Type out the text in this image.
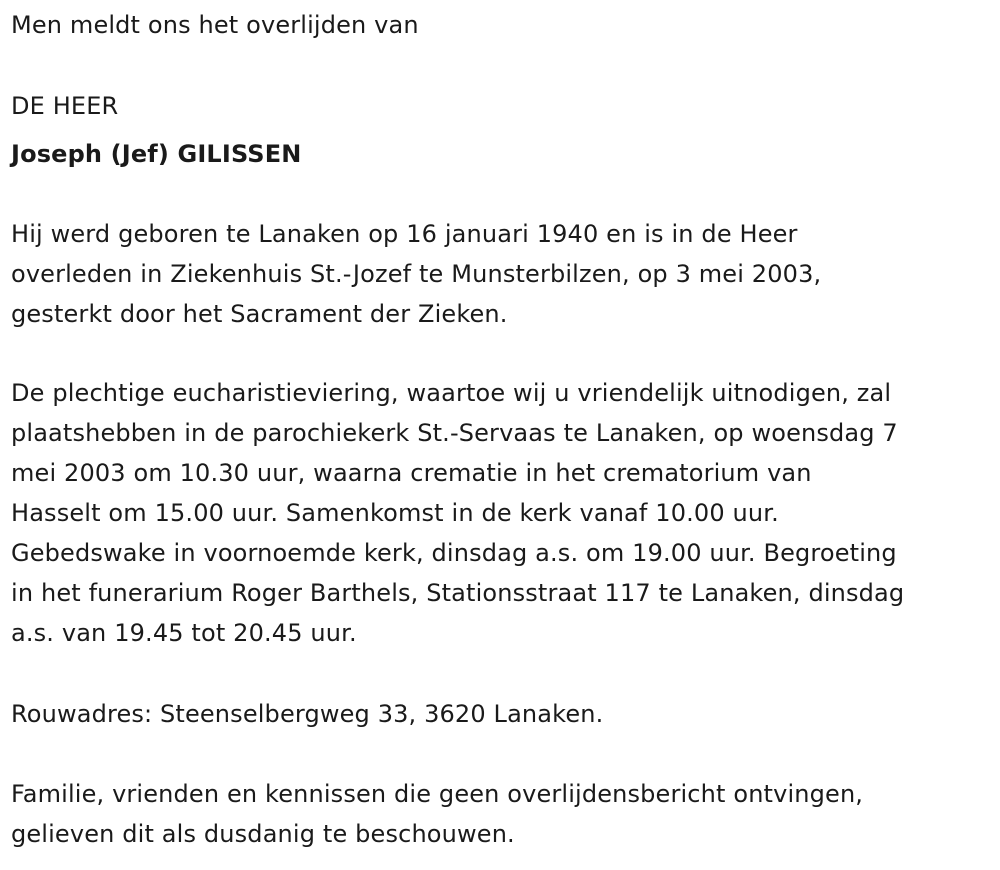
Men meldt ons het overlijden van
DE HEER
Joseph (Jef) GILISSEN
Hij werd geboren te Lanaken op 16 januari 1940 en is in de Heer
overleden in Ziekenhuis St.-Jozef te Munsterbilzen, op 3 mei 2003,
gesterkt door het Sacrament der Zieken.
De plechtige eucharistieviering, waartoe wij u vriendelijk uitnodigen, zal
plaatshebben in de parochiekerk St.-Servaas te Lanaken, op woensdag 7
mei 2003 om 10.30 uur, waarna crematie in het crematorium van
Hasselt om 15.00 uur. Samenkomst in de kerk vanaf 10.00 uur.
Gebedswake in voornoemde kerk, dinsdag a.s. om 19.00 uur. Begroeting
in het funerarium Roger Barthels, Stationsstraat 117 te Lanaken, dinsdag
a.s. van 19.45 tot 20.45 uur.
Rouwadres: Steenselbergweg 33, 3620 Lanaken.
Familie, vrienden en kennissen die geen overlijdensbericht ontvingen,
gelieven dit als dusdanig te beschouwen.
